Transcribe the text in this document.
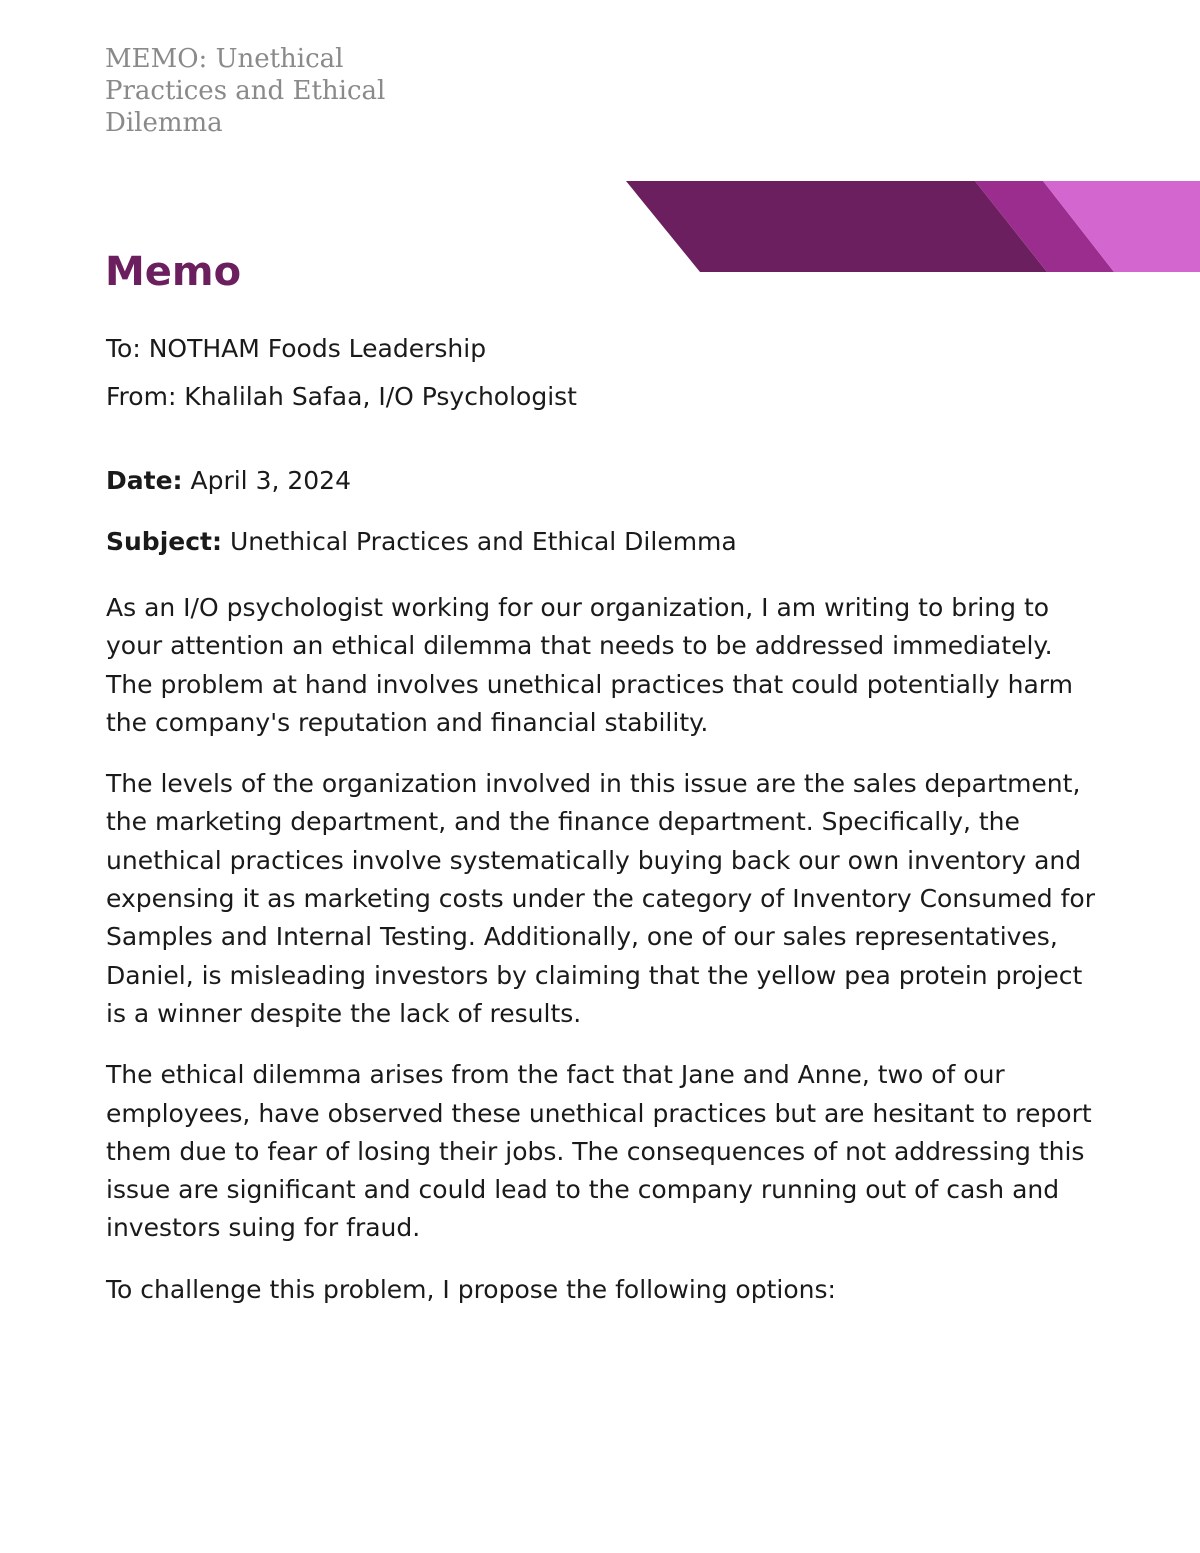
MEMO: Unethical Practices and Ethical Dilemma
Memo

To: NOTHAM Foods Leadership

From: Khalilah Safaa, I/O Psychologist

Date: April 3, 2024

Subject: Unethical Practices and Ethical Dilemma

As an I/O psychologist working for our organization, I am writing to bring to your attention an ethical dilemma that needs to be addressed immediately. The problem at hand involves unethical practices that could potentially harm the company's reputation and financial stability.

The levels of the organization involved in this issue are the sales department, the marketing department, and the finance department. Specifically, the unethical practices involve systematically buying back our own inventory and expensing it as marketing costs under the category of Inventory Consumed for Samples and Internal Testing. Additionally, one of our sales representatives, Daniel, is misleading investors by claiming that the yellow pea protein project is a winner despite the lack of results.

The ethical dilemma arises from the fact that Jane and Anne, two of our employees, have observed these unethical practices but are hesitant to report them due to fear of losing their jobs. The consequences of not addressing this issue are significant and could lead to the company running out of cash and investors suing for fraud.

To challenge this problem, I propose the following options:
